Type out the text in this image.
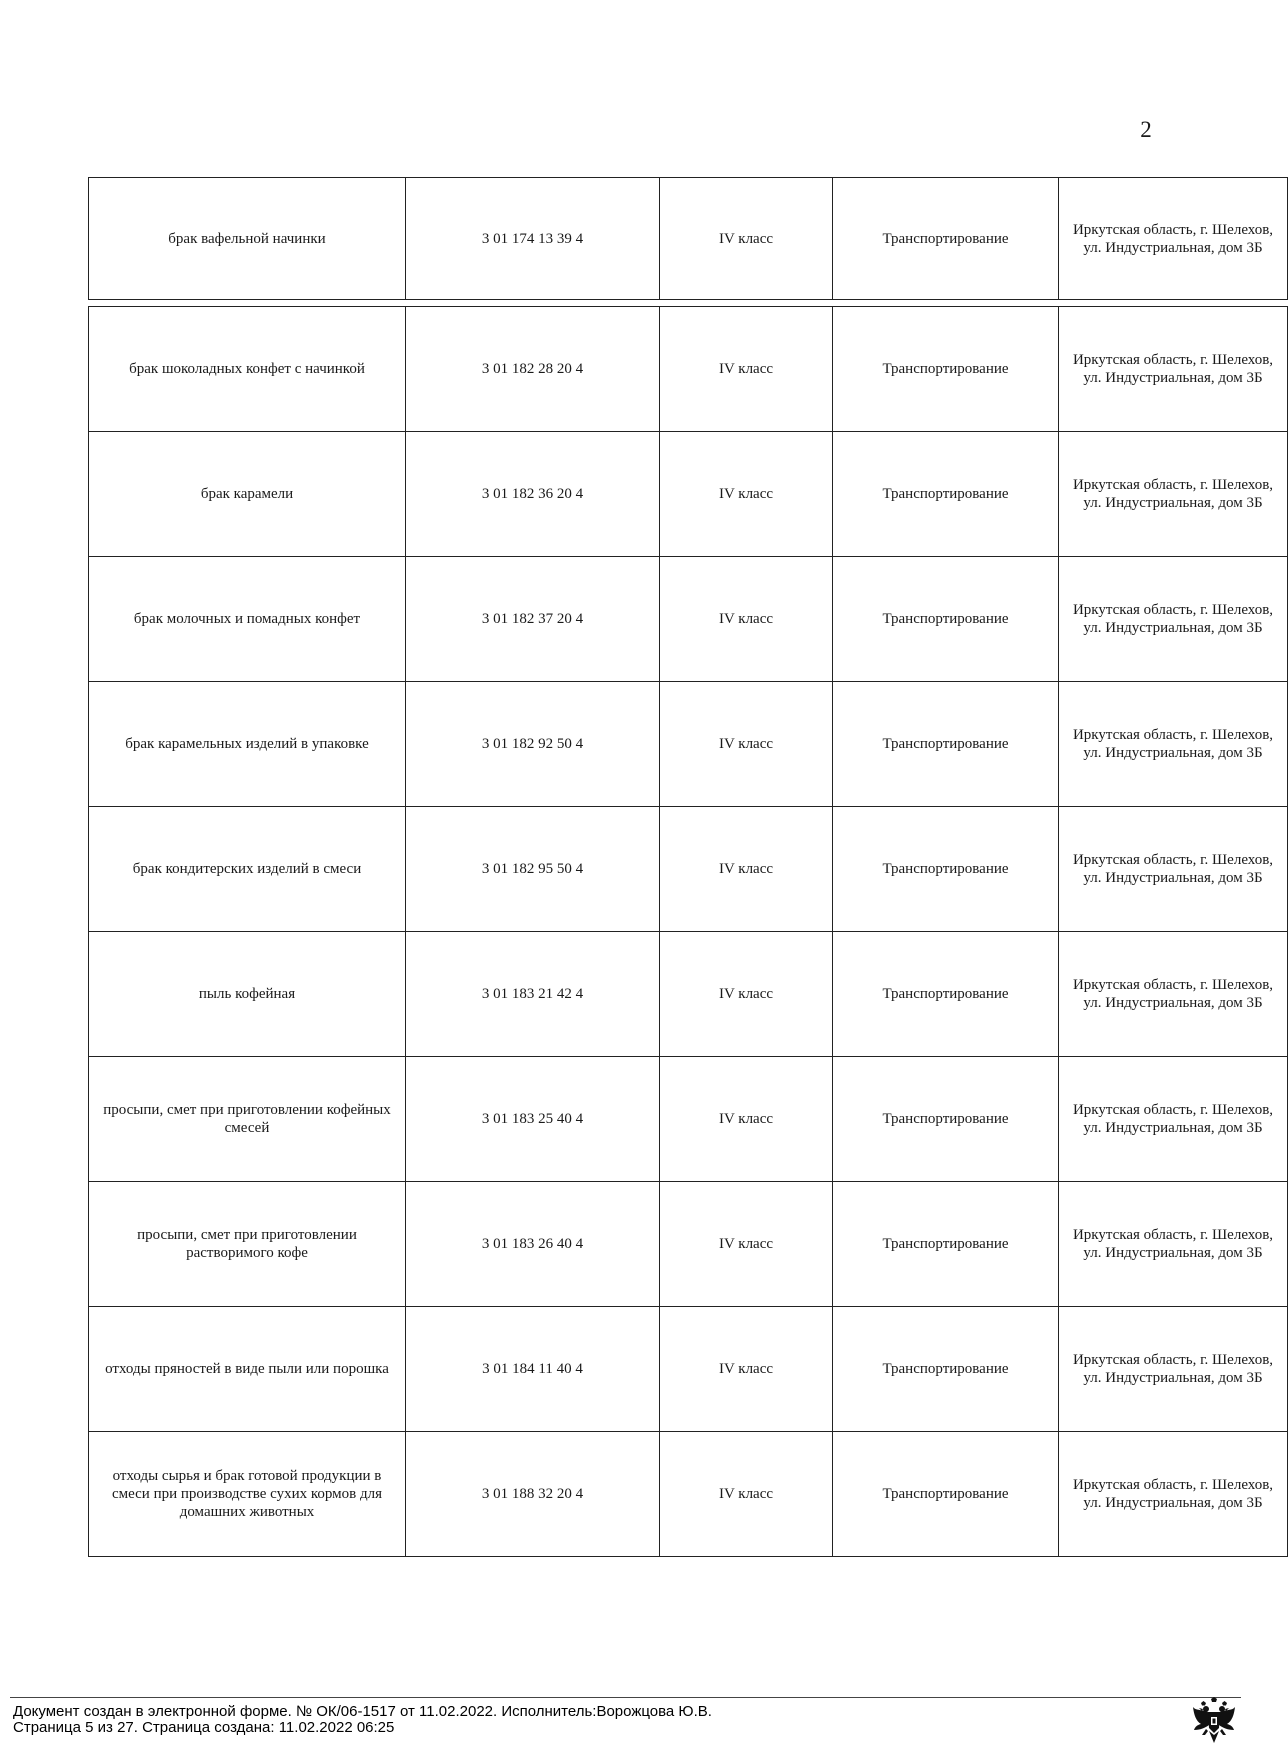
2
брак вафельной начинки	3 01 174 13 39 4	IV класс	Транспортирование	Иркутская область, г. Шелехов, ул. Индустриальная, дом 3Б
брак шоколадных конфет с начинкой	3 01 182 28 20 4	IV класс	Транспортирование	Иркутская область, г. Шелехов, ул. Индустриальная, дом 3Б
брак карамели	3 01 182 36 20 4	IV класс	Транспортирование	Иркутская область, г. Шелехов, ул. Индустриальная, дом 3Б
брак молочных и помадных конфет	3 01 182 37 20 4	IV класс	Транспортирование	Иркутская область, г. Шелехов, ул. Индустриальная, дом 3Б
брак карамельных изделий в упаковке	3 01 182 92 50 4	IV класс	Транспортирование	Иркутская область, г. Шелехов, ул. Индустриальная, дом 3Б
брак кондитерских изделий в смеси	3 01 182 95 50 4	IV класс	Транспортирование	Иркутская область, г. Шелехов, ул. Индустриальная, дом 3Б
пыль кофейная	3 01 183 21 42 4	IV класс	Транспортирование	Иркутская область, г. Шелехов, ул. Индустриальная, дом 3Б
просыпи, смет при приготовлении кофейных смесей	3 01 183 25 40 4	IV класс	Транспортирование	Иркутская область, г. Шелехов, ул. Индустриальная, дом 3Б
просыпи, смет при приготовлении растворимого кофе	3 01 183 26 40 4	IV класс	Транспортирование	Иркутская область, г. Шелехов, ул. Индустриальная, дом 3Б
отходы пряностей в виде пыли или порошка	3 01 184 11 40 4	IV класс	Транспортирование	Иркутская область, г. Шелехов, ул. Индустриальная, дом 3Б
отходы сырья и брак готовой продукции в смеси при производстве сухих кормов для домашних животных	3 01 188 32 20 4	IV класс	Транспортирование	Иркутская область, г. Шелехов, ул. Индустриальная, дом 3Б
Документ создан в электронной форме. № ОК/06-1517 от 11.02.2022. Исполнитель:Ворожцова Ю.В.
Страница 5 из 27. Страница создана: 11.02.2022 06:25
